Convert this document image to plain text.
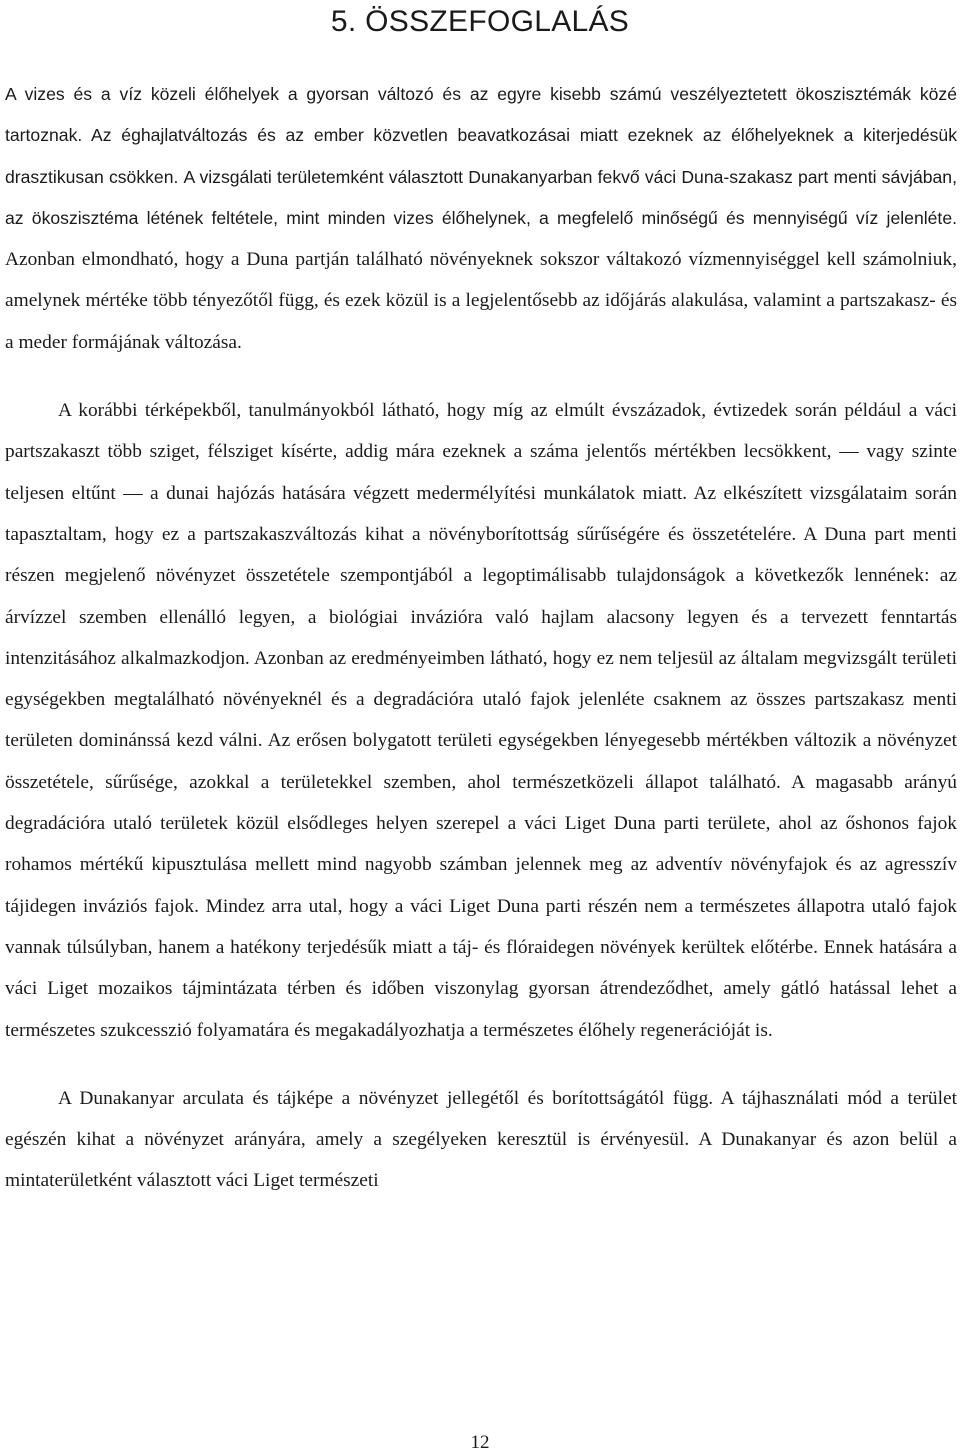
5. ÖSSZEFOGLALÁS

A vizes és a víz közeli élőhelyek a gyorsan változó és az egyre kisebb számú veszélyeztetett ökoszisztémák közé tartoznak. Az éghajlatváltozás és az ember közvetlen beavatkozásai miatt ezeknek az élőhelyeknek a kiterjedésük drasztikusan csökken. A vizsgálati területemként választott Dunakanyarban fekvő váci Duna-szakasz part menti sávjában, az ökoszisztéma létének feltétele, mint minden vizes élőhelynek, a megfelelő minőségű és mennyiségű víz jelenléte. Azonban elmondható, hogy a Duna partján található növényeknek sokszor váltakozó vízmennyiséggel kell számolniuk, amelynek mértéke több tényezőtől függ, és ezek közül is a legjelentősebb az időjárás alakulása, valamint a partszakasz- és a meder formájának változása.

A korábbi térképekből, tanulmányokból látható, hogy míg az elmúlt évszázadok, évtizedek során például a váci partszakaszt több sziget, félsziget kísérte, addig mára ezeknek a száma jelentős mértékben lecsökkent, — vagy szinte teljesen eltűnt — a dunai hajózás hatására végzett medermélyítési munkálatok miatt. Az elkészített vizsgálataim során tapasztaltam, hogy ez a partszakaszváltozás kihat a növényborítottság sűrűségére és összetételére. A Duna part menti részen megjelenő növényzet összetétele szempontjából a legoptimálisabb tulajdonságok a következők lennének: az árvízzel szemben ellenálló legyen, a biológiai invázióra való hajlam alacsony legyen és a tervezett fenntartás intenzitásához alkalmazkodjon. Azonban az eredményeimben látható, hogy ez nem teljesül az általam megvizsgált területi egységekben megtalálható növényeknél és a degradációra utaló fajok jelenléte csaknem az összes partszakasz menti területen dominánssá kezd válni. Az erősen bolygatott területi egységekben lényegesebb mértékben változik a növényzet összetétele, sűrűsége, azokkal a területekkel szemben, ahol természetközeli állapot található. A magasabb arányú degradációra utaló területek közül elsődleges helyen szerepel a váci Liget Duna parti területe, ahol az őshonos fajok rohamos mértékű kipusztulása mellett mind nagyobb számban jelennek meg az adventív növényfajok és az agresszív tájidegen inváziós fajok. Mindez arra utal, hogy a váci Liget Duna parti részén nem a természetes állapotra utaló fajok vannak túlsúlyban, hanem a hatékony terjedésűk miatt a táj- és flóraidegen növények kerültek előtérbe. Ennek hatására a váci Liget mozaikos tájmintázata térben és időben viszonylag gyorsan átrendeződhet, amely gátló hatással lehet a természetes szukcesszió folyamatára és megakadályozhatja a természetes élőhely regenerációját is.

A Dunakanyar arculata és tájképe a növényzet jellegétől és borítottságától függ. A tájhasználati mód a terület egészén kihat a növényzet arányára, amely a szegélyeken keresztül is érvényesül. A Dunakanyar és azon belül a mintaterületként választott váci Liget természeti

12
